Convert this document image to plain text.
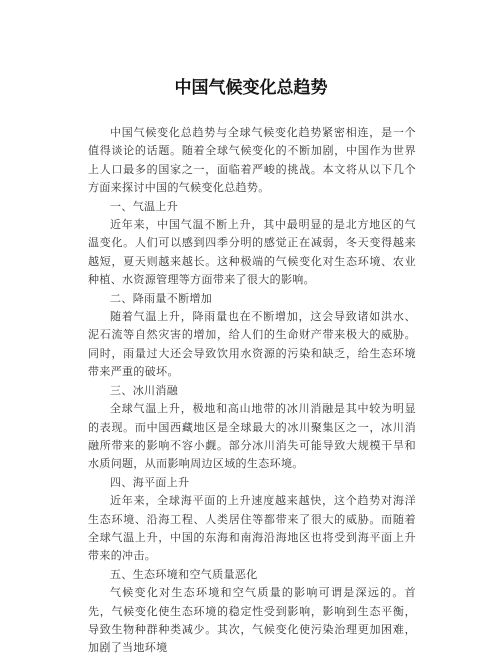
中国气候变化总趋势

中国气候变化总趋势与全球气候变化趋势紧密相连，是一个值得谈论的话题。随着全球气候变化的不断加剧，中国作为世界上人口最多的国家之一，面临着严峻的挑战。本文将从以下几个方面来探讨中国的气候变化总趋势。

一、气温上升

近年来，中国气温不断上升，其中最明显的是北方地区的气温变化。人们可以感到四季分明的感觉正在减弱，冬天变得越来越短，夏天则越来越长。这种极端的气候变化对生态环境、农业种植、水资源管理等方面带来了很大的影响。

二、降雨量不断增加

随着气温上升，降雨量也在不断增加，这会导致诸如洪水、泥石流等自然灾害的增加，给人们的生命财产带来极大的威胁。同时，雨量过大还会导致饮用水资源的污染和缺乏，给生态环境带来严重的破坏。

三、冰川消融

全球气温上升，极地和高山地带的冰川消融是其中较为明显的表现。而中国西藏地区是全球最大的冰川聚集区之一，冰川消融所带来的影响不容小觑。部分冰川消失可能导致大规模干旱和水质问题，从而影响周边区域的生态环境。

四、海平面上升

近年来，全球海平面的上升速度越来越快，这个趋势对海洋生态环境、沿海工程、人类居住等都带来了很大的威胁。而随着全球气温上升，中国的东海和南海沿海地区也将受到海平面上升带来的冲击。

五、生态环境和空气质量恶化

气候变化对生态环境和空气质量的影响可谓是深远的。首先，气候变化使生态环境的稳定性受到影响，影响到生态平衡，导致生物种群种类减少。其次，气候变化使污染治理更加困难，加剧了当地环境
